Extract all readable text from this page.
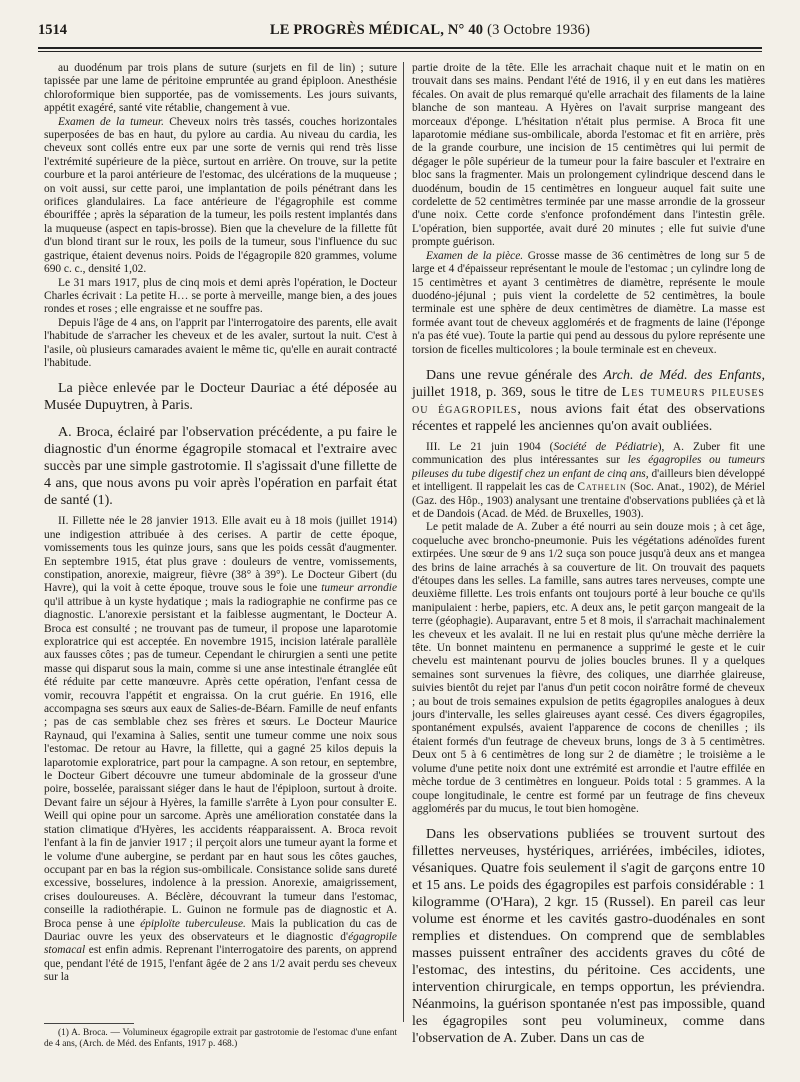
1514	LE PROGRÈS MÉDICAL, N° 40 (3 Octobre 1936)

au duodénum par trois plans de suture (surjets en fil de lin) ; suture tapissée par une lame de péritoine empruntée au grand épiploon. Anesthésie chloroformique bien supportée, pas de vomissements. Les jours suivants, appétit exagéré, santé vite rétablie, changement à vue.

Examen de la tumeur. Cheveux noirs très tassés, couches horizontales superposées de bas en haut, du pylore au cardia. Au niveau du cardia, les cheveux sont collés entre eux par une sorte de vernis qui rend très lisse l'extrémité supérieure de la pièce, surtout en arrière. On trouve, sur la petite courbure et la paroi antérieure de l'estomac, des ulcérations de la muqueuse ; on voit aussi, sur cette paroi, une implantation de poils pénétrant dans les orifices glandulaires. La face antérieure de l'égagrophile est comme ébouriffée ; après la séparation de la tumeur, les poils restent implantés dans la muqueuse (aspect en tapis-brosse). Bien que la chevelure de la fillette fût d'un blond tirant sur le roux, les poils de la tumeur, sous l'influence du suc gastrique, étaient devenus noirs. Poids de l'égagropile 820 grammes, volume 690 c. c., densité 1,02.

Le 31 mars 1917, plus de cinq mois et demi après l'opération, le Docteur Charles écrivait : La petite H… se porte à merveille, mange bien, a des joues rondes et roses ; elle engraisse et ne souffre pas.

Depuis l'âge de 4 ans, on l'apprit par l'interrogatoire des parents, elle avait l'habitude de s'arracher les cheveux et de les avaler, surtout la nuit. C'est à l'asile, où plusieurs camarades avaient le même tic, qu'elle en aurait contracté l'habitude.

La pièce enlevée par le Docteur Dauriac a été déposée au Musée Dupuytren, à Paris.

A. Broca, éclairé par l'observation précédente, a pu faire le diagnostic d'un énorme égagropile stomacal et l'extraire avec succès par une simple gastrotomie. Il s'agissait d'une fillette de 4 ans, que nous avons pu voir après l'opération en parfait état de santé (1).

II. Fillette née le 28 janvier 1913. Elle avait eu à 18 mois (juillet 1914) une indigestion attribuée à des cerises. A partir de cette époque, vomissements tous les quinze jours, sans que les poids cessât d'augmenter. En septembre 1915, état plus grave : douleurs de ventre, vomissements, constipation, anorexie, maigreur, fièvre (38° à 39°). Le Docteur Gibert (du Havre), qui la voit à cette époque, trouve sous le foie une tumeur arrondie qu'il attribue à un kyste hydatique ; mais la radiographie ne confirme pas ce diagnostic. L'anorexie persistant et la faiblesse augmentant, le Docteur A. Broca est consulté ; ne trouvant pas de tumeur, il propose une laparotomie exploratrice qui est acceptée. En novembre 1915, incision latérale parallèle aux fausses côtes ; pas de tumeur. Cependant le chirurgien a senti une petite masse qui disparut sous la main, comme si une anse intestinale étranglée eût été réduite par cette manœuvre. Après cette opération, l'enfant cessa de vomir, recouvra l'appétit et engraissa. On la crut guérie. En 1916, elle accompagna ses sœurs aux eaux de Salies-de-Béarn. Famille de neuf enfants ; pas de cas semblable chez ses frères et sœurs. Le Docteur Maurice Raynaud, qui l'examina à Salies, sentit une tumeur comme une noix sous l'estomac. De retour au Havre, la fillette, qui a gagné 25 kilos depuis la laparotomie exploratrice, part pour la campagne. A son retour, en septembre, le Docteur Gibert découvre une tumeur abdominale de la grosseur d'une poire, bosselée, paraissant siéger dans le haut de l'épiploon, surtout à droite. Devant faire un séjour à Hyères, la famille s'arrête à Lyon pour consulter E. Weill qui opine pour un sarcome. Après une amélioration constatée dans la station climatique d'Hyères, les accidents réapparaissent. A. Broca revoit l'enfant à la fin de janvier 1917 ; il perçoit alors une tumeur ayant la forme et le volume d'une aubergine, se perdant par en haut sous les côtes gauches, occupant par en bas la région sus-ombilicale. Consistance solide sans dureté excessive, bosselures, indolence à la pression. Anorexie, amaigrissement, crises douloureuses. A. Béclère, découvrant la tumeur dans l'estomac, conseille la radiothérapie. L. Guinon ne formule pas de diagnostic et A. Broca pense à une épiploïte tuberculeuse. Mais la publication du cas de Dauriac ouvre les yeux des observateurs et le diagnostic d'égagropile stomacal est enfin admis. Reprenant l'interrogatoire des parents, on apprend que, pendant l'été de 1915, l'enfant âgée de 2 ans 1/2 avait perdu ses cheveux sur la

partie droite de la tête. Elle les arrachait chaque nuit et le matin on en trouvait dans ses mains. Pendant l'été de 1916, il y en eut dans les matières fécales. On avait de plus remarqué qu'elle arrachait des filaments de la laine blanche de son manteau. A Hyères on l'avait surprise mangeant des morceaux d'éponge. L'hésitation n'était plus permise. A Broca fit une laparotomie médiane sus-ombilicale, aborda l'estomac et fit en arrière, près de la grande courbure, une incision de 15 centimètres qui lui permit de dégager le pôle supérieur de la tumeur pour la faire basculer et l'extraire en bloc sans la fragmenter. Mais un prolongement cylindrique descend dans le duodénum, boudin de 15 centimètres en longueur auquel fait suite une cordelette de 52 centimètres terminée par une masse arrondie de la grosseur d'une noix. Cette corde s'enfonce profondément dans l'intestin grêle. L'opération, bien supportée, avait duré 20 minutes ; elle fut suivie d'une prompte guérison.

Examen de la pièce. Grosse masse de 36 centimètres de long sur 5 de large et 4 d'épaisseur représentant le moule de l'estomac ; un cylindre long de 15 centimètres et ayant 3 centimètres de diamètre, représente le moule duodéno-jéjunal ; puis vient la cordelette de 52 centimètres, la boule terminale est une sphère de deux centimètres de diamètre. La masse est formée avant tout de cheveux agglomérés et de fragments de laine (l'éponge n'a pas été vue). Toute la partie qui pend au dessous du pylore représente une torsion de ficelles multicolores ; la boule terminale est en cheveux.

Dans une revue générale des Arch. de Méd. des Enfants, juillet 1918, p. 369, sous le titre de Les tumeurs pileuses ou égagropiles, nous avions fait état des observations récentes et rappelé les anciennes qu'on avait oubliées.

III. Le 21 juin 1904 (Société de Pédiatrie), A. Zuber fit une communication des plus intéressantes sur les égagropiles ou tumeurs pileuses du tube digestif chez un enfant de cinq ans, d'ailleurs bien développé et intelligent. Il rappelait les cas de Cathelin (Soc. Anat., 1902), de Mériel (Gaz. des Hôp., 1903) analysant une trentaine d'observations publiées çà et là et de Dandois (Acad. de Méd. de Bruxelles, 1903).

Le petit malade de A. Zuber a été nourri au sein douze mois ; à cet âge, coqueluche avec broncho-pneumonie. Puis les végétations adénoïdes furent extirpées. Une sœur de 9 ans 1/2 suça son pouce jusqu'à deux ans et mangea des brins de laine arrachés à sa couverture de lit. On trouvait des paquets d'étoupes dans les selles. La famille, sans autres tares nerveuses, compte une deuxième fillette. Les trois enfants ont toujours porté à leur bouche ce qu'ils manipulaient : herbe, papiers, etc. A deux ans, le petit garçon mangeait de la terre (géophagie). Auparavant, entre 5 et 8 mois, il s'arrachait machinalement les cheveux et les avalait. Il ne lui en restait plus qu'une mèche derrière la tête. Un bonnet maintenu en permanence a supprimé le geste et le cuir chevelu est maintenant pourvu de jolies boucles brunes. Il y a quelques semaines sont survenues la fièvre, des coliques, une diarrhée glaireuse, suivies bientôt du rejet par l'anus d'un petit cocon noirâtre formé de cheveux ; au bout de trois semaines expulsion de petits égagropiles analogues à deux jours d'intervalle, les selles glaireuses ayant cessé. Ces divers égagropiles, spontanément expulsés, avaient l'apparence de cocons de chenilles ; ils étaient formés d'un feutrage de cheveux bruns, longs de 3 à 5 centimètres. Deux ont 5 à 6 centimètres de long sur 2 de diamètre ; le troisième a le volume d'une petite noix dont une extrémité est arrondie et l'autre effilée en mèche tordue de 3 centimètres en longueur. Poids total : 5 grammes. A la coupe longitudinale, le centre est formé par un feutrage de fins cheveux agglomérés par du mucus, le tout bien homogène.

Dans les observations publiées se trouvent surtout des fillettes nerveuses, hystériques, arriérées, imbéciles, idiotes, vésaniques. Quatre fois seulement il s'agit de garçons entre 10 et 15 ans. Le poids des égagropiles est parfois considérable : 1 kilogramme (O'Hara), 2 kgr. 15 (Russel). En pareil cas leur volume est énorme et les cavités gastro-duodénales en sont remplies et distendues. On comprend que de semblables masses puissent entraîner des accidents graves du côté de l'estomac, des intestins, du péritoine. Ces accidents, une intervention chirurgicale, en temps opportun, les préviendra. Néanmoins, la guérison spontanée n'est pas impossible, quand les égagropiles sont peu volumineux, comme dans l'observation de A. Zuber. Dans un cas de

(1) A. Broca. — Volumineux égagropile extrait par gastrotomie de l'estomac d'une enfant de 4 ans, (Arch. de Méd. des Enfants, 1917 p. 468.)
